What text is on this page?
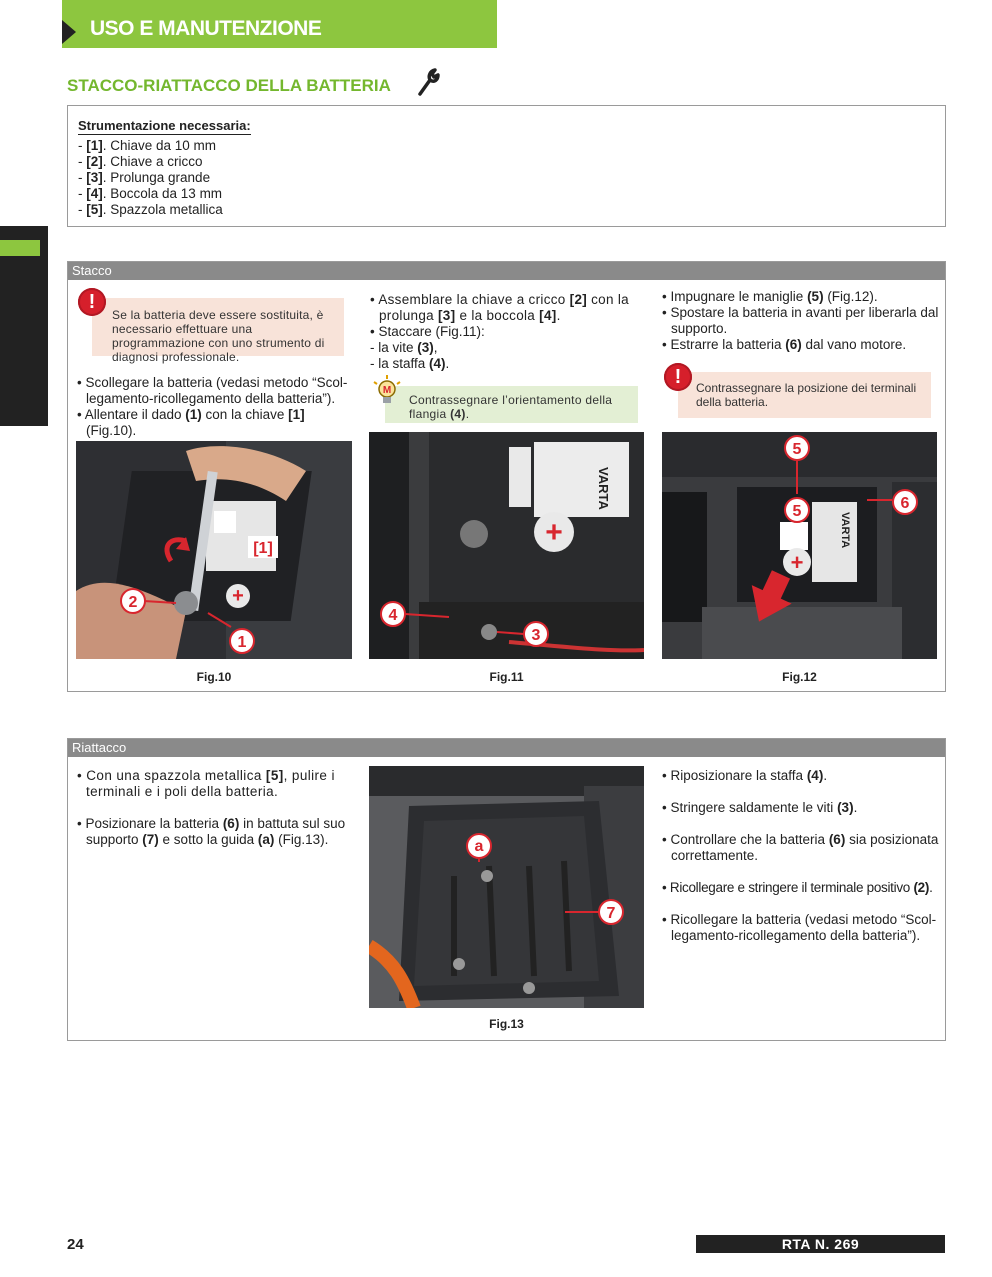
USO E MANUTENZIONE
STACCO-RIATTACCO DELLA BATTERIA
Strumentazione necessaria:
- [1]. Chiave da 10 mm
- [2]. Chiave a cricco
- [3]. Prolunga grande
- [4]. Boccola da 13 mm
- [5]. Spazzola metallica
Stacco
Se la batteria deve essere sostituita, è necessario effettuare una programmazione con uno strumento di diagnosi professionale.
!

• Scollegare la batteria (vedasi metodo “Scol-legamento-ricollegamento della batteria”).

• Allentare il dado (1) con la chiave [1] (Fig.10).

+
2
1
[1]
Fig.10

• Assemblare la chiave a cricco [2] con la prolunga [3] e la boccola [4].

• Staccare (Fig.11):

- la vite (3),

- la staffa (4).

Contrassegnare l’orientamento della flangia (4).
M
VARTA
+
4
3
Fig.11

• Impugnare le maniglie (5) (Fig.12).

• Spostare la batteria in avanti per liberarla dal supporto.

• Estrarre la batteria (6) dal vano motore.

Contrassegnare la posizione dei terminali della batteria.
!
VARTA
+
5
5	6
Fig.12
Riattacco

• Con una spazzola metallica [5], pulire i terminali e i poli della batteria.

• Posizionare la batteria (6) in battuta sul suo supporto (7) e sotto la guida (a) (Fig.13).	a
7
Fig.13

• Riposizionare la staffa (4).

• Stringere saldamente le viti (3).

• Controllare che la batteria (6) sia posizionata correttamente.

• Ricollegare e stringere il terminale positivo (2).

• Ricollegare la batteria (vedasi metodo “Scol-legamento-ricollegamento della batteria”).

24	RTA N. 269
